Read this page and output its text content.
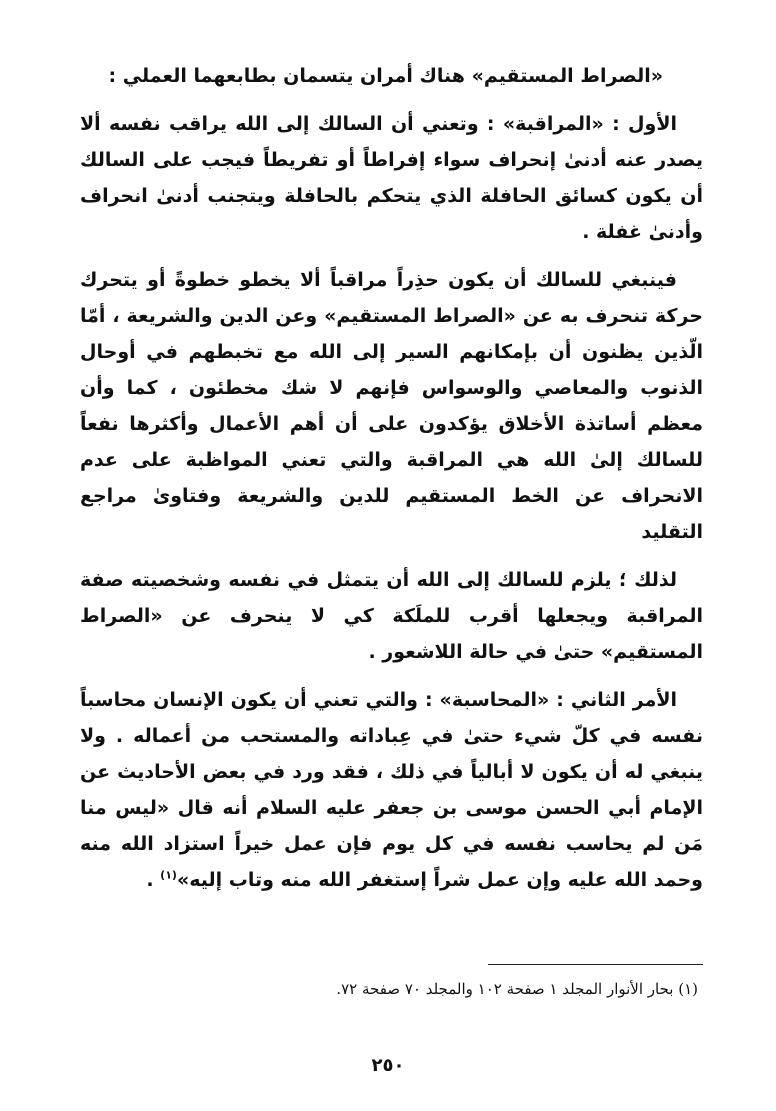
«الصراط المستقيم» هناك أمران يتسمان بطابعهما العملي :

الأول : «المراقبة» : وتعني أن السالك إلى الله يراقب نفسه ألا يصدر عنه أدنىٰ إنحراف سواء إفراطاً أو تفريطاً فيجب على السالك أن يكون كسائق الحافلة الذي يتحكم بالحافلة ويتجنب أدنىٰ انحراف وأدنىٰ غفلة .

فينبغي للسالك أن يكون حذِراً مراقباً ألا يخطو خطوةً أو يتحرك حركة تنحرف به عن «الصراط المستقيم» وعن الدين والشريعة ، أمّا الّذين يظنون أن بإمكانهم السير إلى الله مع تخبطهم في أوحال الذنوب والمعاصي والوسواس فإنهم لا شك مخطئون ، كما وأن معظم أساتذة الأخلاق يؤكدون على أن أهم الأعمال وأكثرها نفعاً للسالك إلىٰ الله هي المراقبة والتي تعني المواظبة على عدم الانحراف عن الخط المستقيم للدين والشريعة وفتاوىٰ مراجع التقليد

لذلك ؛ يلزم للسالك إلى الله أن يتمثل في نفسه وشخصيته صفة المراقبة ويجعلها أقرب للملَكة كي لا ينحرف عن «الصراط المستقيم» حتىٰ في حالة اللاشعور .

الأمر الثاني : «المحاسبة» : والتي تعني أن يكون الإنسان محاسباً نفسه في كلّ شيء حتىٰ في عِباداته والمستحب من أعماله . ولا ينبغي له أن يكون لا أبالياً في ذلك ، فقد ورد في بعض الأحاديث عن الإمام أبي الحسن موسى بن جعفر عليه السلام أنه قال «ليس منا مَن لم يحاسب نفسه في كل يوم فإن عمل خيراً استزاد الله منه وحمد الله عليه وإن عمل شراً إستغفر الله منه وتاب إليه»$^{(١)}$ .

(١) بحار الأنوار المجلد ١ صفحة ١٠٢ والمجلد ٧٠ صفحة ٧٢.
٢٥٠
